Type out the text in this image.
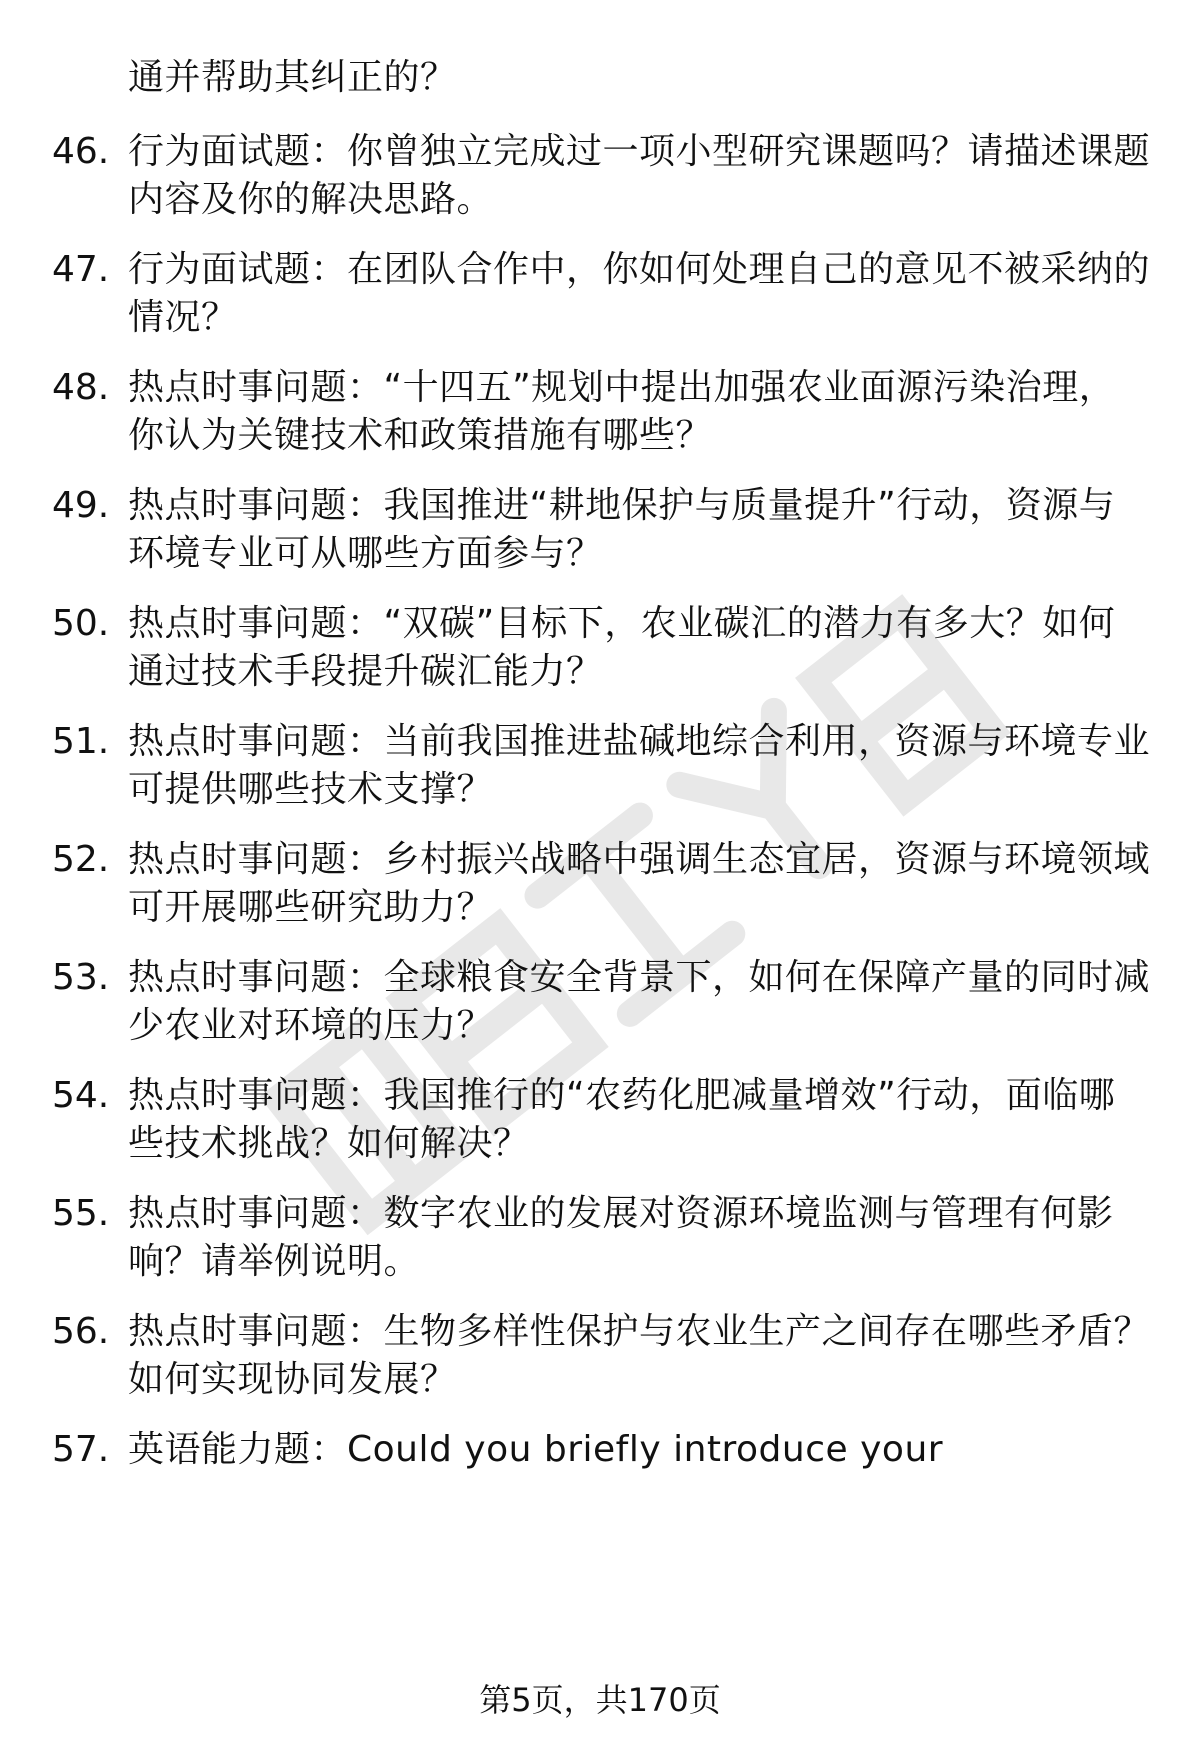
通并帮助其纠正的？
46. 行为面试题：你曾独立完成过一项小型研究课题吗？请描述课题
内容及你的解决思路。
47. 行为面试题：在团队合作中，你如何处理自己的意见不被采纳的
情况？
48. 热点时事问题：“十四五”规划中提出加强农业面源污染治理，
你认为关键技术和政策措施有哪些？
49. 热点时事问题：我国推进“耕地保护与质量提升”行动，资源与
环境专业可从哪些方面参与？
50. 热点时事问题：“双碳”目标下，农业碳汇的潜力有多大？如何
通过技术手段提升碳汇能力？
51. 热点时事问题：当前我国推进盐碱地综合利用，资源与环境专业
可提供哪些技术支撑？
52. 热点时事问题：乡村振兴战略中强调生态宜居，资源与环境领域
可开展哪些研究助力？
53. 热点时事问题：全球粮食安全背景下，如何在保障产量的同时减
少农业对环境的压力？
54. 热点时事问题：我国推行的“农药化肥减量增效”行动，面临哪
些技术挑战？如何解决？
55. 热点时事问题：数字农业的发展对资源环境监测与管理有何影
响？请举例说明。
56. 热点时事问题：生物多样性保护与农业生产之间存在哪些矛盾？
如何实现协同发展？
57. 英语能力题：Could you briefly introduce your
第5页，共170页
